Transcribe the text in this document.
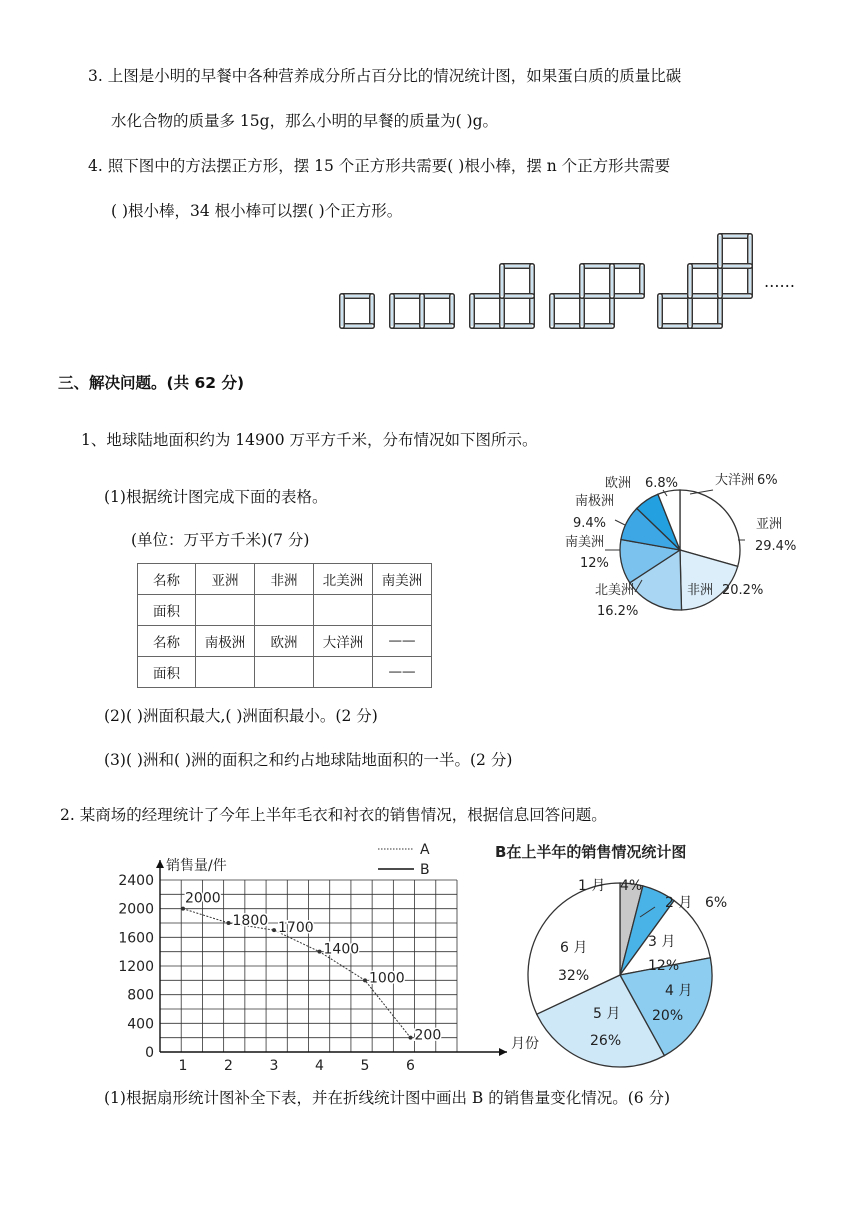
3. 上图是小明的早餐中各种营养成分所占百分比的情况统计图，如果蛋白质的质量比碳
水化合物的质量多 15g，那么小明的早餐的质量为( )g。
4. 照下图中的方法摆正方形，摆 15 个正方形共需要( )根小棒，摆 n 个正方形共需要
( )根小棒，34 根小棒可以摆( )个正方形。
……
三、解决问题。(共 62 分)
1、地球陆地面积约为 14900 万平方千米，分布情况如下图所示。
(1)根据统计图完成下面的表格。
(单位：万平方千米)(7 分)
名称	亚洲	非洲	北美洲	南美洲
面积				
名称	南极洲	欧洲	大洋洲	——
面积				——
(2)( )洲面积最大,( )洲面积最小。(2 分)
(3)( )洲和( )洲的面积之和约占地球陆地面积的一半。(2 分)
亚洲
29.4%
非洲 20.2%
北美洲
16.2%
南美洲
12%
南极洲
9.4%
欧洲 6.8%	大洋洲 6%
2. 某商场的经理统计了今年上半年毛衣和衬衣的销售情况，根据信息回答问题。
销售量/件
月份
0
400
800
1200
1600
2000
2400
1	2	3	4	5	6
2000
1800 1700
1400
1000
200
A
B
B在上半年的销售情况统计图
1 月 4%
2 月 6%
3 月
12%
4 月
20%
5 月
26%
6 月
32%
(1)根据扇形统计图补全下表，并在折线统计图中画出 B 的销售量变化情况。(6 分)
